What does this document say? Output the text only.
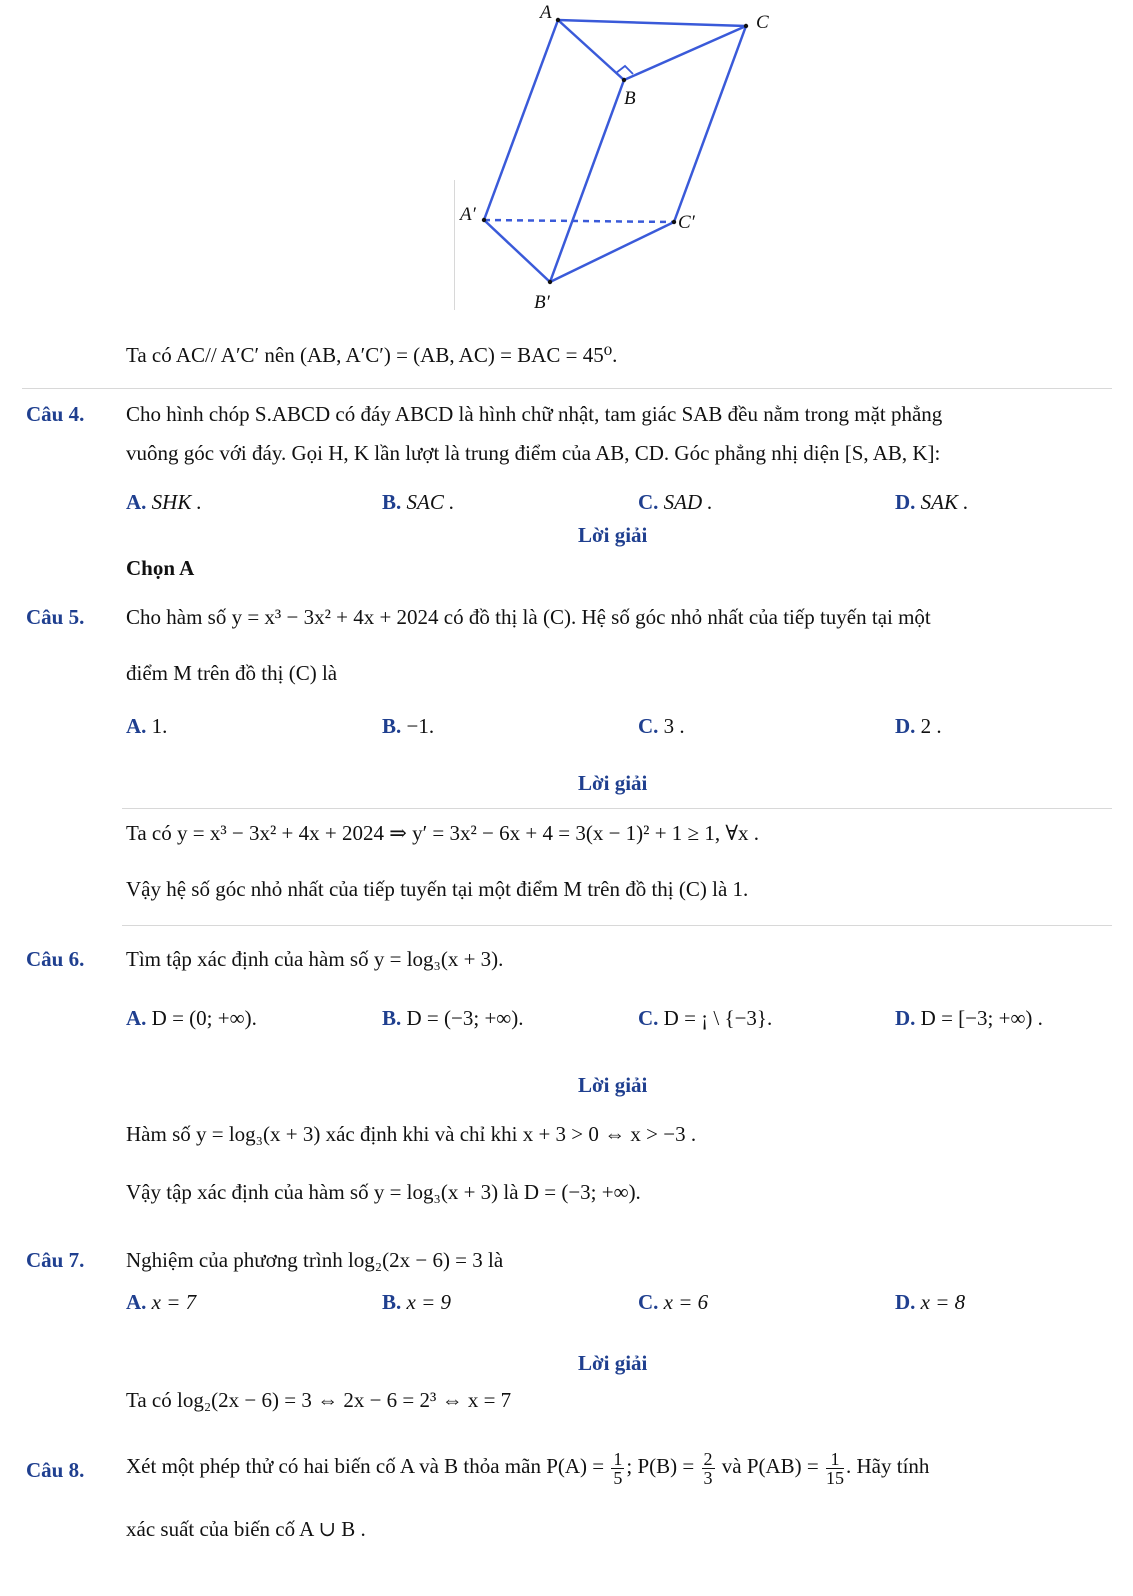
A	C
B
A′	C′
B′
Ta có AC// A′C′ nên (AB, A′C′) = (AB, AC) = BAC = 45⁰.
Câu 4. Cho hình chóp S.ABCD có đáy ABCD là hình chữ nhật, tam giác SAB đều nằm trong mặt phẳng
vuông góc với đáy. Gọi H, K lần lượt là trung điểm của AB, CD. Góc phẳng nhị diện [S, AB, K]:
A. SHK .	B. SAC .	C. SAD .	D. SAK .
Lời giải
Chọn A
Câu 5. Cho hàm số y = x³ − 3x² + 4x + 2024 có đồ thị là (C). Hệ số góc nhỏ nhất của tiếp tuyến tại một
điểm M trên đồ thị (C) là
A. 1.	B. −1.	C. 3 .	D. 2 .
Lời giải
Ta có y = x³ − 3x² + 4x + 2024 ⇒ y′ = 3x² − 6x + 4 = 3(x − 1)² + 1 ≥ 1, ∀x .
Vậy hệ số góc nhỏ nhất của tiếp tuyến tại một điểm M trên đồ thị (C) là 1.
Câu 6. Tìm tập xác định của hàm số y = log₃(x + 3).
A. D = (0; +∞).	B. D = (−3; +∞).	C. D = ¡ \ {−3}.	D. D = [−3; +∞) .
Lời giải
Hàm số y = log₃(x + 3) xác định khi và chỉ khi x + 3 > 0 ⇔ x > −3 .
Vậy tập xác định của hàm số y = log₃(x + 3) là D = (−3; +∞).
Câu 7. Nghiệm của phương trình log₂(2x − 6) = 3 là
A. x = 7	B. x = 9	C. x = 6	D. x = 8
Lời giải
Ta có log₂(2x − 6) = 3 ⇔ 2x − 6 = 2³ ⇔ x = 7
Câu 8. Xét một phép thử có hai biến cố A và B thỏa mãn $P(A) = \frac{1}{5}$ ; $P(B) = \frac{2}{3}$ và $P(AB) = \frac{1}{15}$ . Hãy tính
xác suất của biến cố A ∪ B .
